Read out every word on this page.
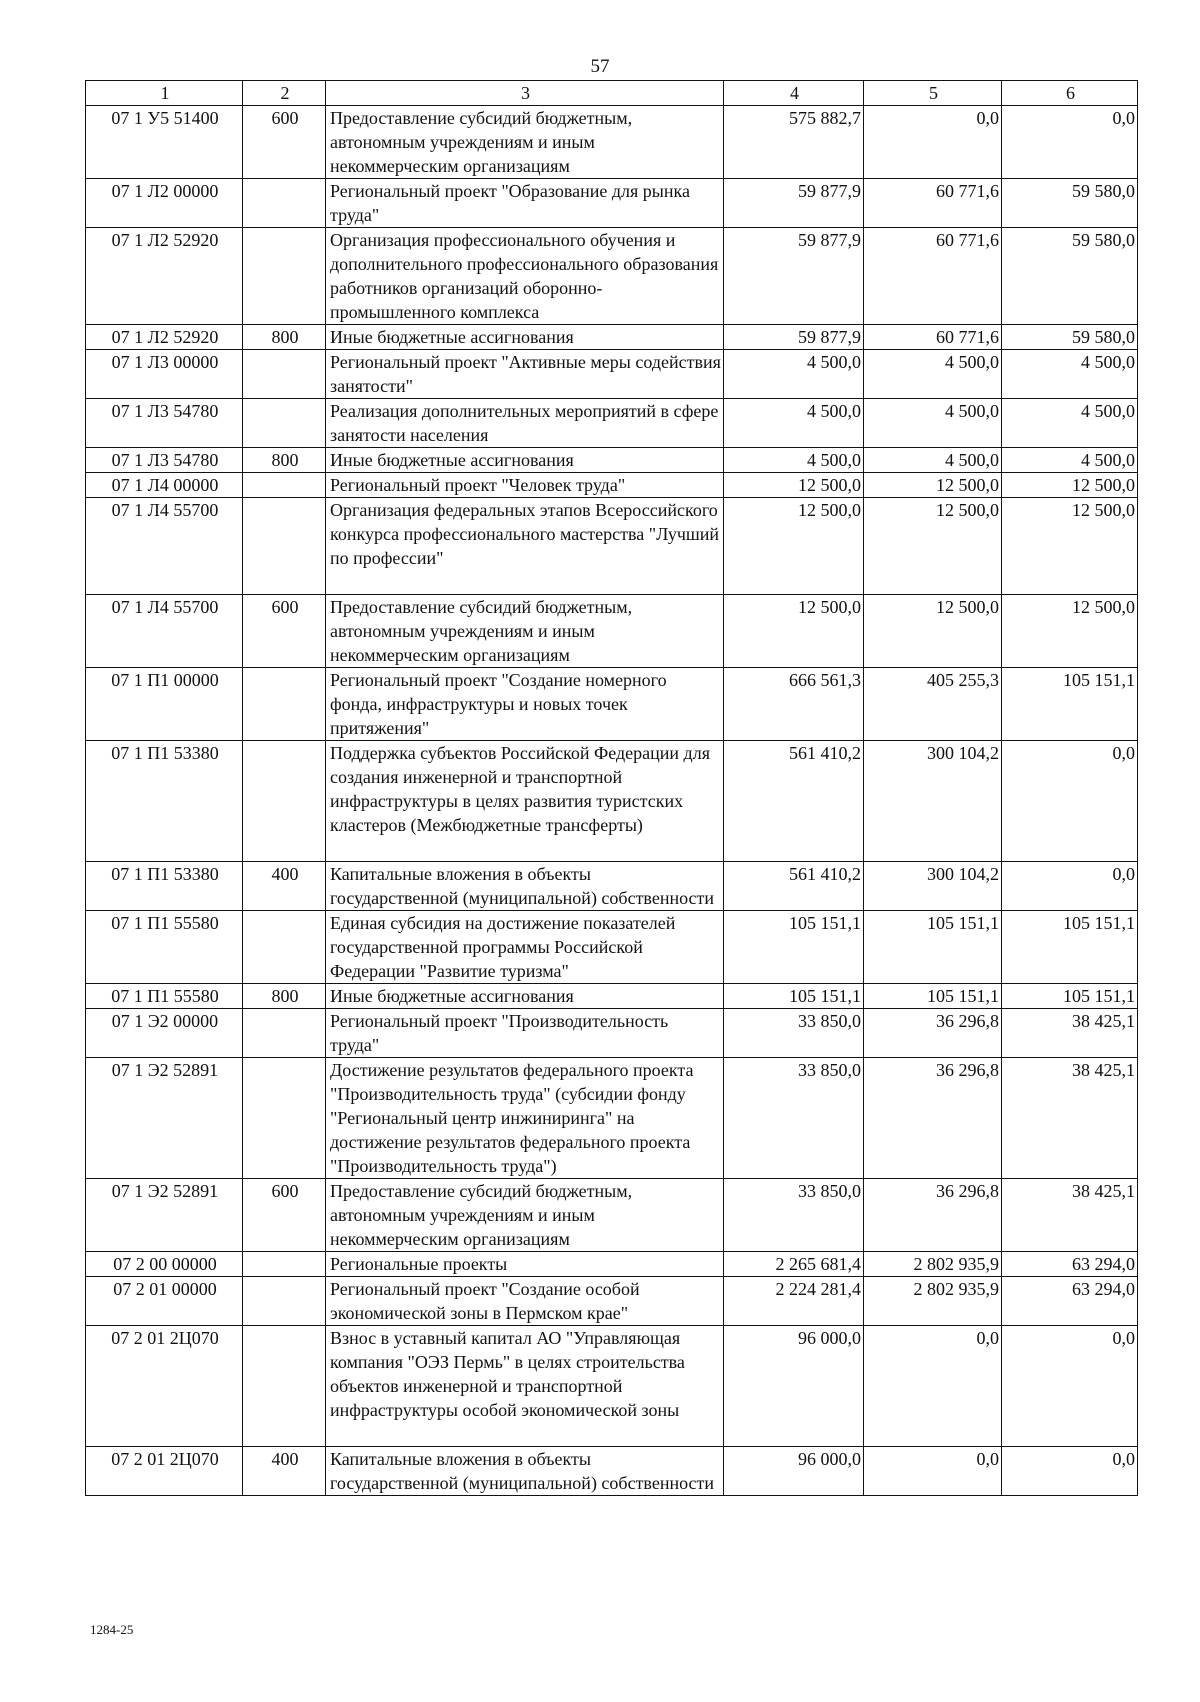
57
1	2	3	4	5	6
07 1 У5 51400	600	Предоставление субсидий бюджетным, автономным учреждениям и иным некоммерческим организациям	575 882,7	0,0	0,0
07 1 Л2 00000		Региональный проект "Образование для рынка труда"	59 877,9	60 771,6	59 580,0
07 1 Л2 52920		Организация профессионального обучения и дополнительного профессионального образования работников организаций оборонно-промышленного комплекса	59 877,9	60 771,6	59 580,0
07 1 Л2 52920	800	Иные бюджетные ассигнования	59 877,9	60 771,6	59 580,0
07 1 Л3 00000		Региональный проект "Активные меры содействия занятости"	4 500,0	4 500,0	4 500,0
07 1 Л3 54780		Реализация дополнительных мероприятий в сфере занятости населения	4 500,0	4 500,0	4 500,0
07 1 Л3 54780	800	Иные бюджетные ассигнования	4 500,0	4 500,0	4 500,0
07 1 Л4 00000		Региональный проект "Человек труда"	12 500,0	12 500,0	12 500,0
07 1 Л4 55700		Организация федеральных этапов Всероссийского конкурса профессионального мастерства "Лучший по профессии"	12 500,0	12 500,0	12 500,0
07 1 Л4 55700	600	Предоставление субсидий бюджетным, автономным учреждениям и иным некоммерческим организациям	12 500,0	12 500,0	12 500,0
07 1 П1 00000		Региональный проект "Создание номерного фонда, инфраструктуры и новых точек притяжения"	666 561,3	405 255,3	105 151,1
07 1 П1 53380		Поддержка субъектов Российской Федерации для создания инженерной и транспортной инфраструктуры в целях развития туристских кластеров (Межбюджетные трансферты)	561 410,2	300 104,2	0,0
07 1 П1 53380	400	Капитальные вложения в объекты государственной (муниципальной) собственности	561 410,2	300 104,2	0,0
07 1 П1 55580		Единая субсидия на достижение показателей государственной программы Российской Федерации "Развитие туризма"	105 151,1	105 151,1	105 151,1
07 1 П1 55580	800	Иные бюджетные ассигнования	105 151,1	105 151,1	105 151,1
07 1 Э2 00000		Региональный проект "Производительность труда"	33 850,0	36 296,8	38 425,1
07 1 Э2 52891		Достижение результатов федерального проекта "Производительность труда" (субсидии фонду "Региональный центр инжиниринга" на достижение результатов федерального проекта "Производительность труда")	33 850,0	36 296,8	38 425,1
07 1 Э2 52891	600	Предоставление субсидий бюджетным, автономным учреждениям и иным некоммерческим организациям	33 850,0	36 296,8	38 425,1
07 2 00 00000		Региональные проекты	2 265 681,4	2 802 935,9	63 294,0
07 2 01 00000		Региональный проект "Создание особой экономической зоны в Пермском крае"	2 224 281,4	2 802 935,9	63 294,0
07 2 01 2Ц070		Взнос в уставный капитал АО "Управляющая компания "ОЭЗ Пермь" в целях строительства объектов инженерной и транспортной инфраструктуры особой экономической зоны	96 000,0	0,0	0,0
07 2 01 2Ц070	400	Капитальные вложения в объекты государственной (муниципальной) собственности	96 000,0	0,0	0,0
1284-25
